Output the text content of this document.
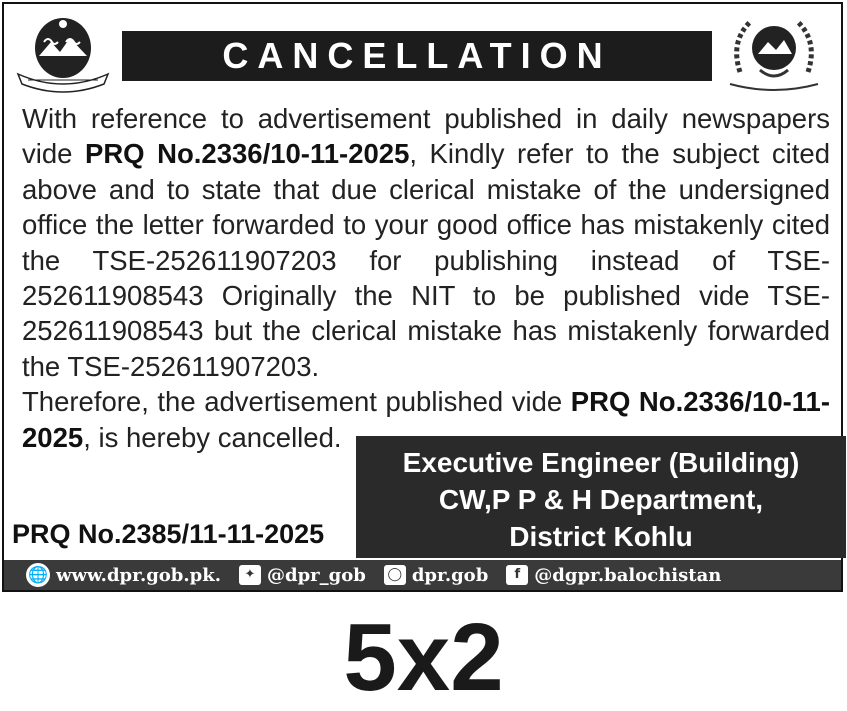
CANCELLATION

With reference to advertisement published in daily newspapers vide PRQ No.2336/10-11-2025, Kindly refer to the subject cited above and to state that due clerical mistake of the undersigned office the letter forwarded to your good office has mistakenly cited the TSE-252611907203 for publishing instead of TSE-252611908543 Originally the NIT to be published vide TSE-252611908543 but the clerical mistake has mistakenly forwarded the TSE-252611907203.

Therefore, the advertisement published vide PRQ No.2336/10-11-2025, is hereby cancelled.

PRQ No.2385/11-11-2025
Executive Engineer (Building)
CW,P P & H Department,
District Kohlu
🌐 www.dpr.gob.pk.	✦ @dpr_gob ◯ dpr.gob	f @dgpr.balochistan
5x2
